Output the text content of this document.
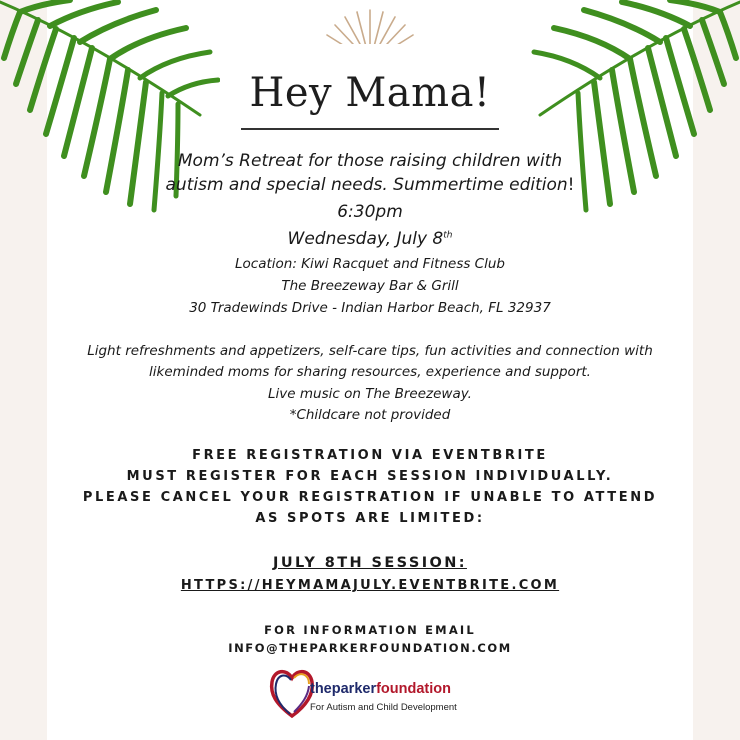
Hey Mama!
Mom’s Retreat for those raising children with
autism and special needs. Summertime edition!
6:30pm
Wednesday, July 8th
Location: Kiwi Racquet and Fitness Club
The Breezeway Bar & Grill
30 Tradewinds Drive - Indian Harbor Beach, FL 32937
Light refreshments and appetizers, self-care tips, fun activities and connection with
likeminded moms for sharing resources, experience and support.
Live music on The Breezeway.
*Childcare not provided
FREE REGISTRATION VIA EVENTBRITE
MUST REGISTER FOR EACH SESSION INDIVIDUALLY.
PLEASE CANCEL YOUR REGISTRATION IF UNABLE TO ATTEND
AS SPOTS ARE LIMITED:
JULY 8TH SESSION:
HTTPS://HEYMAMAJULY.EVENTBRITE.COM
FOR INFORMATION EMAIL
INFO@THEPARKERFOUNDATION.COM
theparkerfoundation
For Autism and Child Development
